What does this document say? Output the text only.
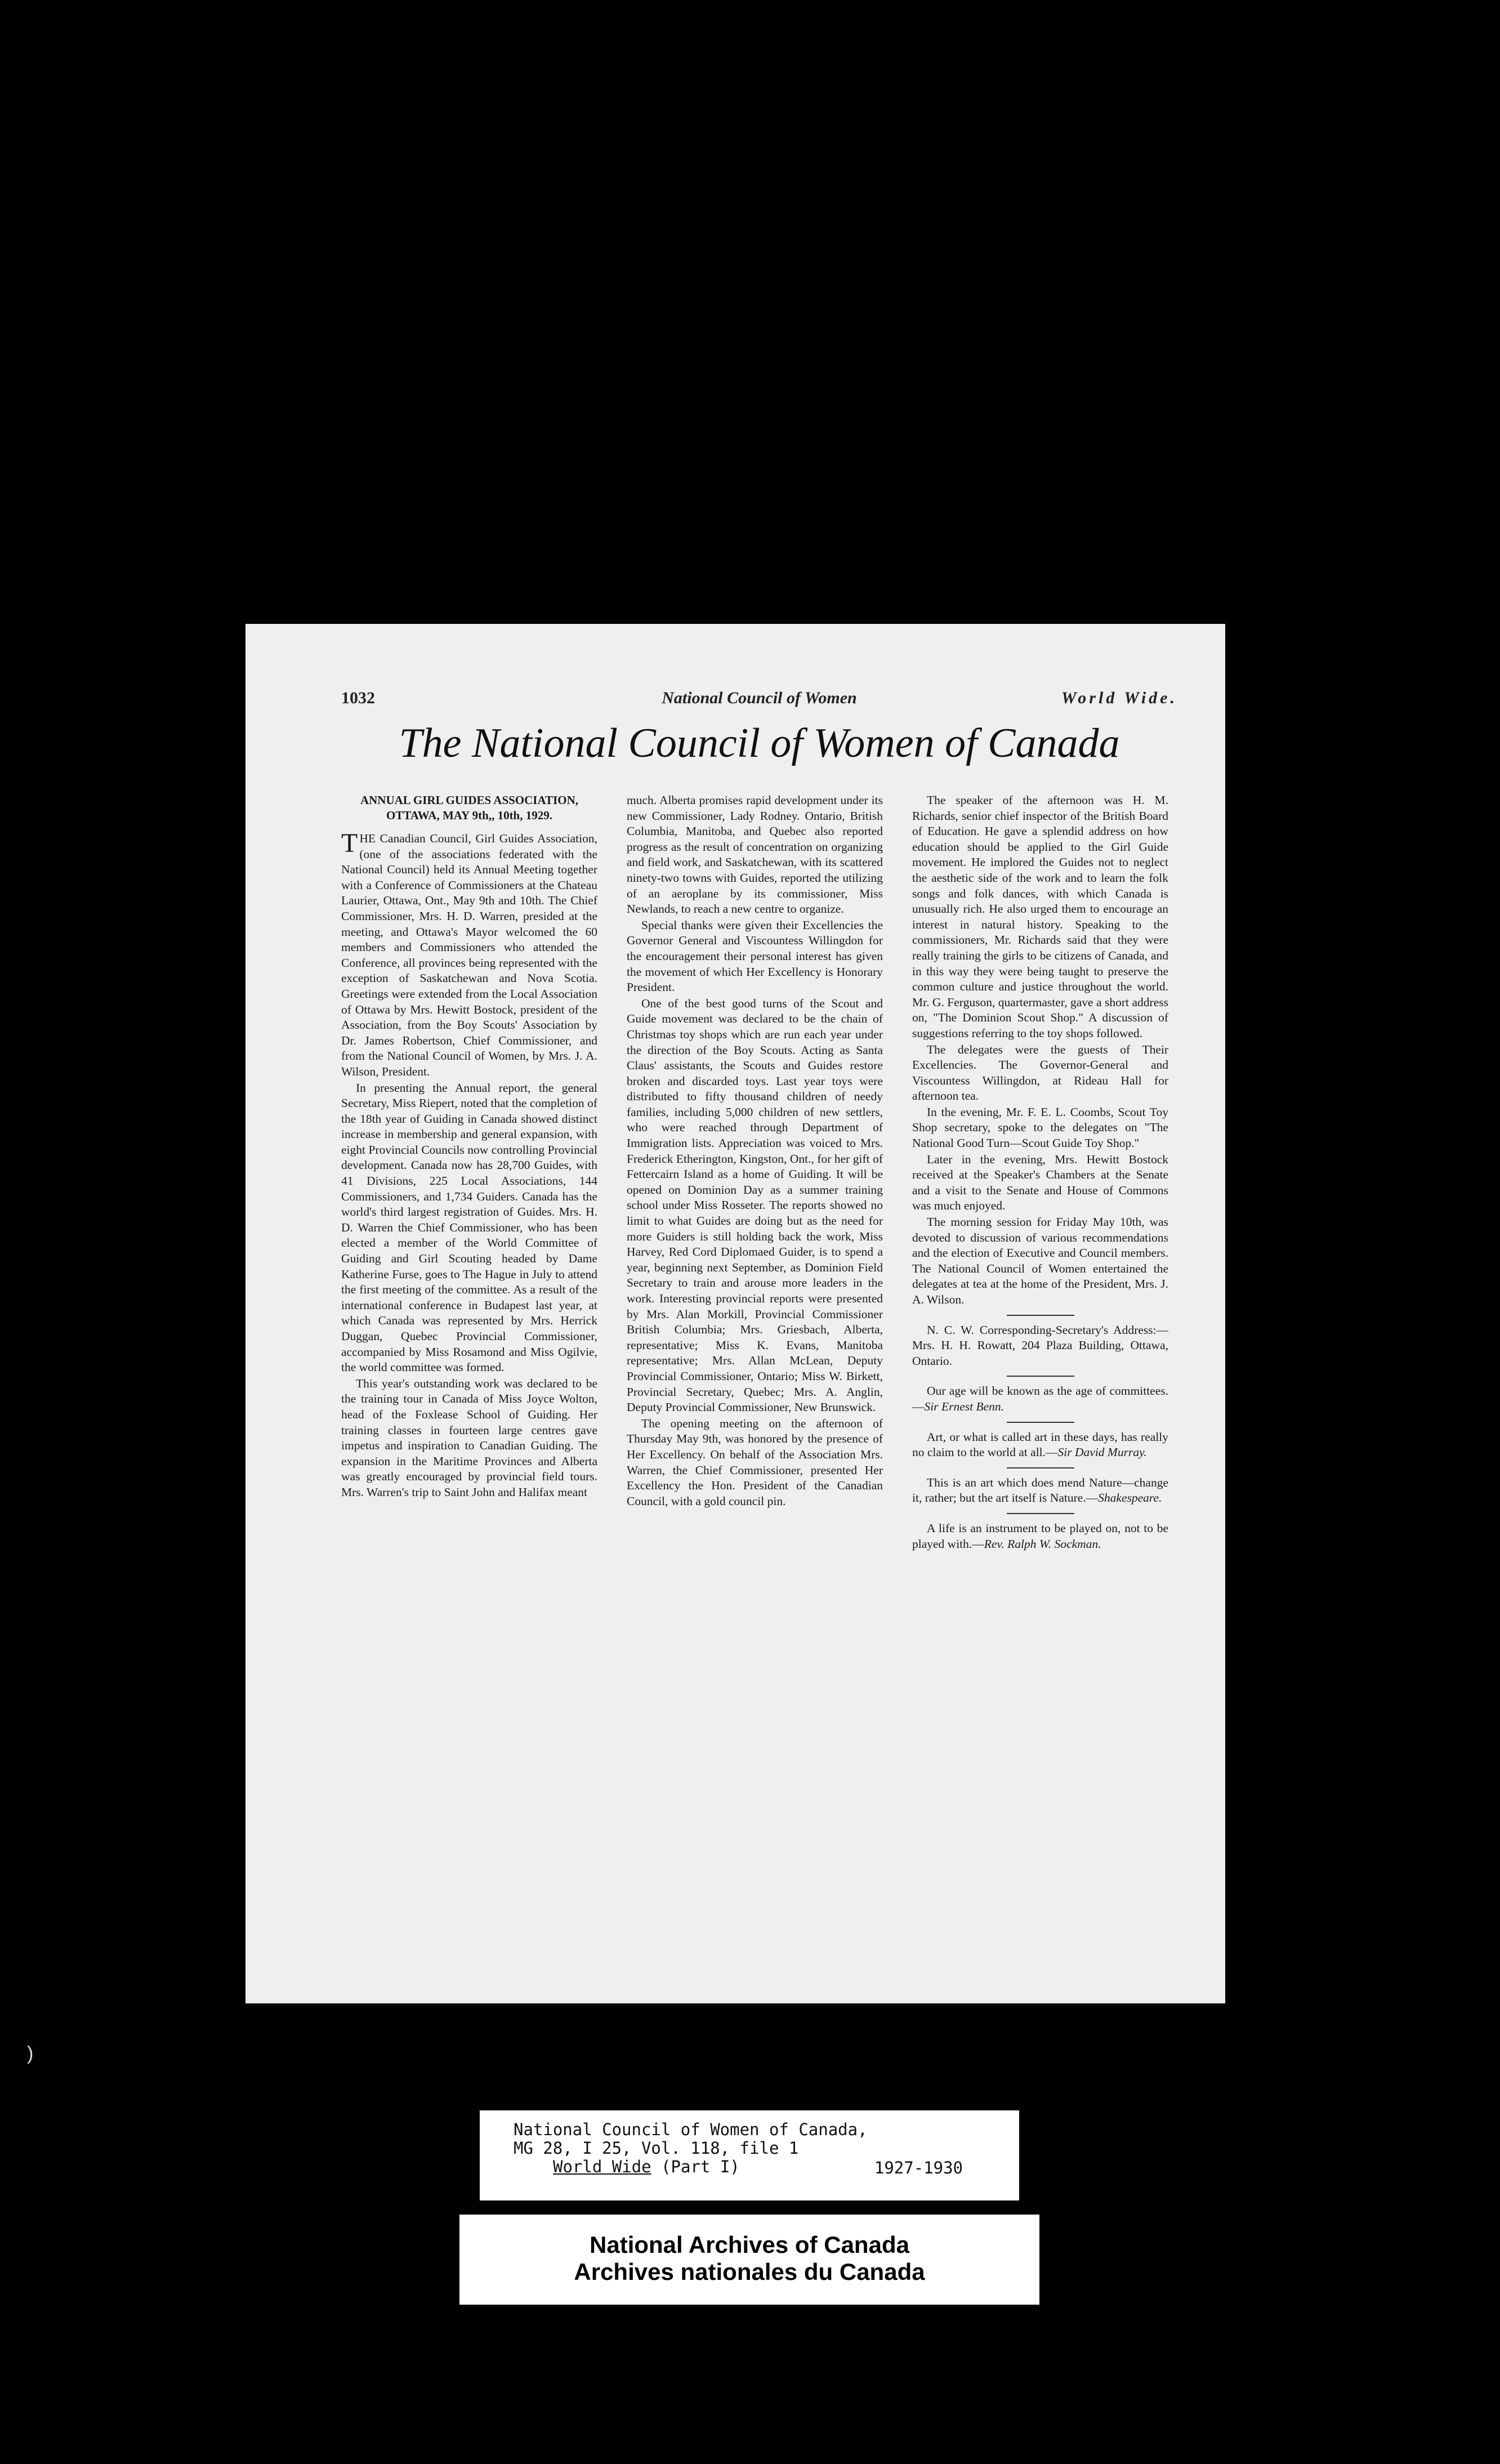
1032	National Council of Women	World Wide.
The National Council of Women of Canada
ANNUAL GIRL GUIDES ASSOCIATION, OTTAWA, MAY 9th,, 10th, 1929.

THE Canadian Council, Girl Guides Association, (one of the associations federated with the National Council) held its Annual Meeting together with a Conference of Commissioners at the Chateau Laurier, Ottawa, Ont., May 9th and 10th. The Chief Commissioner, Mrs. H. D. Warren, presided at the meeting, and Ottawa's Mayor welcomed the 60 members and Commissioners who attended the Conference, all provinces being represented with the exception of Saskatchewan and Nova Scotia. Greetings were extended from the Local Association of Ottawa by Mrs. Hewitt Bostock, president of the Association, from the Boy Scouts' Association by Dr. James Robertson, Chief Commissioner, and from the National Council of Women, by Mrs. J. A. Wilson, President.

In presenting the Annual report, the general Secretary, Miss Riepert, noted that the completion of the 18th year of Guiding in Canada showed distinct increase in membership and general expansion, with eight Provincial Councils now controlling Provincial development. Canada now has 28,700 Guides, with 41 Divisions, 225 Local Associations, 144 Commissioners, and 1,734 Guiders. Canada has the world's third largest registration of Guides. Mrs. H. D. Warren the Chief Commissioner, who has been elected a member of the World Committee of Guiding and Girl Scouting headed by Dame Katherine Furse, goes to The Hague in July to attend the first meeting of the committee. As a result of the international conference in Budapest last year, at which Canada was represented by Mrs. Herrick Duggan, Quebec Provincial Commissioner, accompanied by Miss Rosamond and Miss Ogilvie, the world committee was formed.

This year's outstanding work was declared to be the training tour in Canada of Miss Joyce Wolton, head of the Foxlease School of Guiding. Her training classes in fourteen large centres gave impetus and inspiration to Canadian Guiding. The expansion in the Maritime Provinces and Alberta was greatly encouraged by provincial field tours. Mrs. Warren's trip to Saint John and Halifax meant

much. Alberta promises rapid development under its new Commissioner, Lady Rodney. Ontario, British Columbia, Manitoba, and Quebec also reported progress as the result of concentration on organizing and field work, and Saskatchewan, with its scattered ninety-two towns with Guides, reported the utilizing of an aeroplane by its commissioner, Miss Newlands, to reach a new centre to organize.

Special thanks were given their Excellencies the Governor General and Viscountess Willingdon for the encouragement their personal interest has given the movement of which Her Excellency is Honorary President.

One of the best good turns of the Scout and Guide movement was declared to be the chain of Christmas toy shops which are run each year under the direction of the Boy Scouts. Acting as Santa Claus' assistants, the Scouts and Guides restore broken and discarded toys. Last year toys were distributed to fifty thousand children of needy families, including 5,000 children of new settlers, who were reached through Department of Immigration lists. Appreciation was voiced to Mrs. Frederick Etherington, Kingston, Ont., for her gift of Fettercairn Island as a home of Guiding. It will be opened on Dominion Day as a summer training school under Miss Rosseter. The reports showed no limit to what Guides are doing but as the need for more Guiders is still holding back the work, Miss Harvey, Red Cord Diplomaed Guider, is to spend a year, beginning next September, as Dominion Field Secretary to train and arouse more leaders in the work. Interesting provincial reports were presented by Mrs. Alan Morkill, Provincial Commissioner British Columbia; Mrs. Griesbach, Alberta, representative; Miss K. Evans, Manitoba representative; Mrs. Allan McLean, Deputy Provincial Commissioner, Ontario; Miss W. Birkett, Provincial Secretary, Quebec; Mrs. A. Anglin, Deputy Provincial Commissioner, New Brunswick.

The opening meeting on the afternoon of Thursday May 9th, was honored by the presence of Her Excellency. On behalf of the Association Mrs. Warren, the Chief Commissioner, presented Her Excellency the Hon. President of the Canadian Council, with a gold council pin.

The speaker of the afternoon was H. M. Richards, senior chief inspector of the British Board of Education. He gave a splendid address on how education should be applied to the Girl Guide movement. He implored the Guides not to neglect the aesthetic side of the work and to learn the folk songs and folk dances, with which Canada is unusually rich. He also urged them to encourage an interest in natural history. Speaking to the commissioners, Mr. Richards said that they were really training the girls to be citizens of Canada, and in this way they were being taught to preserve the common culture and justice throughout the world. Mr. G. Ferguson, quartermaster, gave a short address on, "The Dominion Scout Shop." A discussion of suggestions referring to the toy shops followed.

The delegates were the guests of Their Excellencies. The Governor-General and Viscountess Willingdon, at Rideau Hall for afternoon tea.

In the evening, Mr. F. E. L. Coombs, Scout Toy Shop secretary, spoke to the delegates on "The National Good Turn—Scout Guide Toy Shop."

Later in the evening, Mrs. Hewitt Bostock received at the Speaker's Chambers at the Senate and a visit to the Senate and House of Commons was much enjoyed.

The morning session for Friday May 10th, was devoted to discussion of various recommendations and the election of Executive and Council members. The National Council of Women entertained the delegates at tea at the home of the President, Mrs. J. A. Wilson.

N. C. W. Corresponding-Secretary's Address:—Mrs. H. H. Rowatt, 204 Plaza Building, Ottawa, Ontario.

Our age will be known as the age of committees.—Sir Ernest Benn.

Art, or what is called art in these days, has really no claim to the world at all.—Sir David Murray.

This is an art which does mend Nature—change it, rather; but the art itself is Nature.—Shakespeare.

A life is an instrument to be played on, not to be played with.—Rev. Ralph W. Sockman.

)
National Council of Women of Canada,
MG 28, I 25, Vol. 118, file 1
World Wide (Part I)	1927-1930
National Archives of Canada
Archives nationales du Canada
